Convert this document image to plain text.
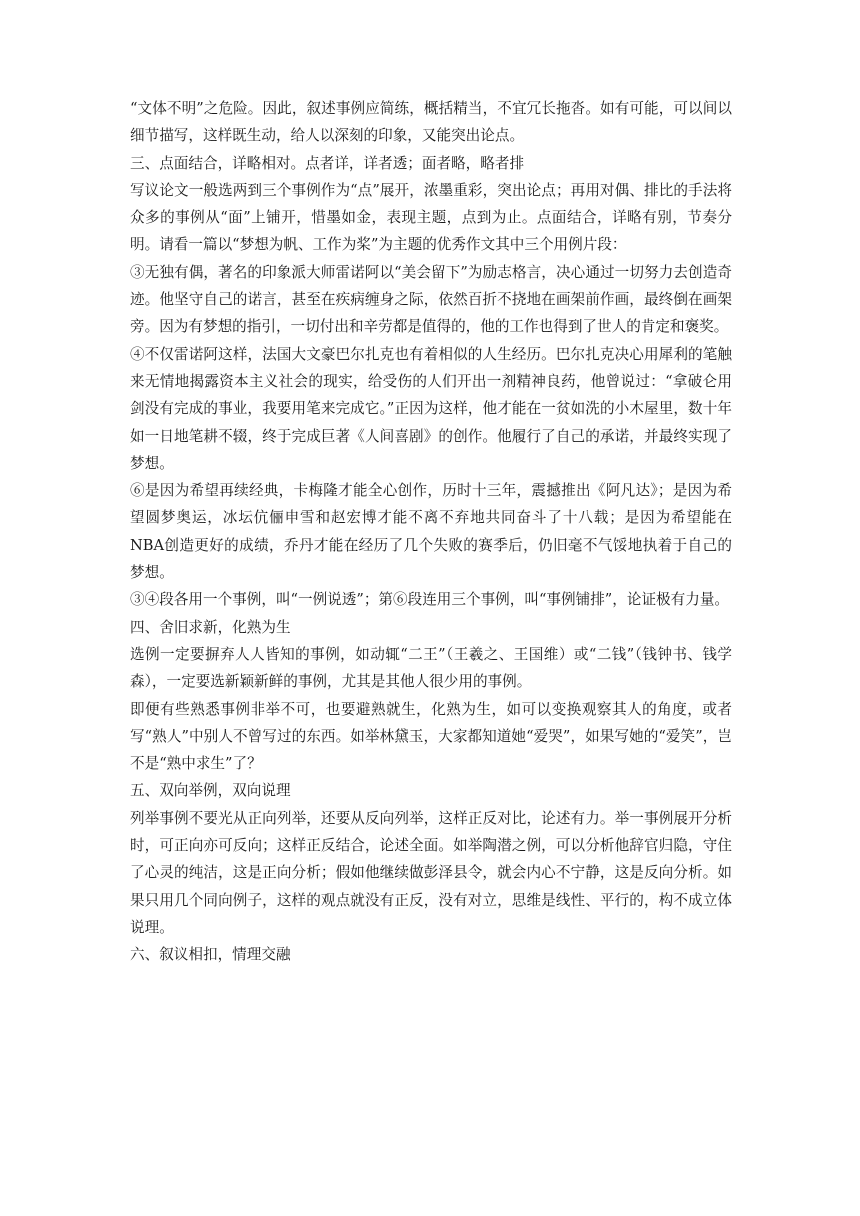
“文体不明”之危险。因此，叙述事例应简练，概括精当，不宜冗长拖沓。如有可能，可以间以细节描写，这样既生动，给人以深刻的印象，又能突出论点。

三、点面结合，详略相对。点者详，详者透；面者略，略者排

写议论文一般选两到三个事例作为“点”展开，浓墨重彩，突出论点；再用对偶、排比的手法将众多的事例从“面”上铺开，惜墨如金，表现主题，点到为止。点面结合，详略有别，节奏分明。请看一篇以“梦想为帆、工作为桨”为主题的优秀作文其中三个用例片段：

③无独有偶，著名的印象派大师雷诺阿以“美会留下”为励志格言，决心通过一切努力去创造奇迹。他坚守自己的诺言，甚至在疾病缠身之际，依然百折不挠地在画架前作画，最终倒在画架旁。因为有梦想的指引，一切付出和辛劳都是值得的，他的工作也得到了世人的肯定和褒奖。

④不仅雷诺阿这样，法国大文豪巴尔扎克也有着相似的人生经历。巴尔扎克决心用犀利的笔触来无情地揭露资本主义社会的现实，给受伤的人们开出一剂精神良药，他曾说过：“拿破仑用剑没有完成的事业，我要用笔来完成它。”正因为这样，他才能在一贫如洗的小木屋里，数十年如一日地笔耕不辍，终于完成巨著《人间喜剧》的创作。他履行了自己的承诺，并最终实现了梦想。

⑥是因为希望再续经典，卡梅隆才能全心创作，历时十三年，震撼推出《阿凡达》；是因为希望圆梦奥运，冰坛伉俪申雪和赵宏博才能不离不弃地共同奋斗了十八载；是因为希望能在NBA创造更好的成绩，乔丹才能在经历了几个失败的赛季后，仍旧毫不气馁地执着于自己的梦想。

③④段各用一个事例，叫“一例说透”；第⑥段连用三个事例，叫“事例铺排”，论证极有力量。

四、舍旧求新，化熟为生

选例一定要摒弃人人皆知的事例，如动辄“二王”（王羲之、王国维）或“二钱”（钱钟书、钱学森），一定要选新颖新鲜的事例，尤其是其他人很少用的事例。

即便有些熟悉事例非举不可，也要避熟就生，化熟为生，如可以变换观察其人的角度，或者写“熟人”中别人不曾写过的东西。如举林黛玉，大家都知道她“爱哭”，如果写她的“爱笑”，岂不是“熟中求生”了？

五、双向举例，双向说理

列举事例不要光从正向列举，还要从反向列举，这样正反对比，论述有力。举一事例展开分析时，可正向亦可反向；这样正反结合，论述全面。如举陶潜之例，可以分析他辞官归隐，守住了心灵的纯洁，这是正向分析；假如他继续做彭泽县令，就会内心不宁静，这是反向分析。如果只用几个同向例子，这样的观点就没有正反，没有对立，思维是线性、平行的，构不成立体说理。

六、叙议相扣，情理交融
